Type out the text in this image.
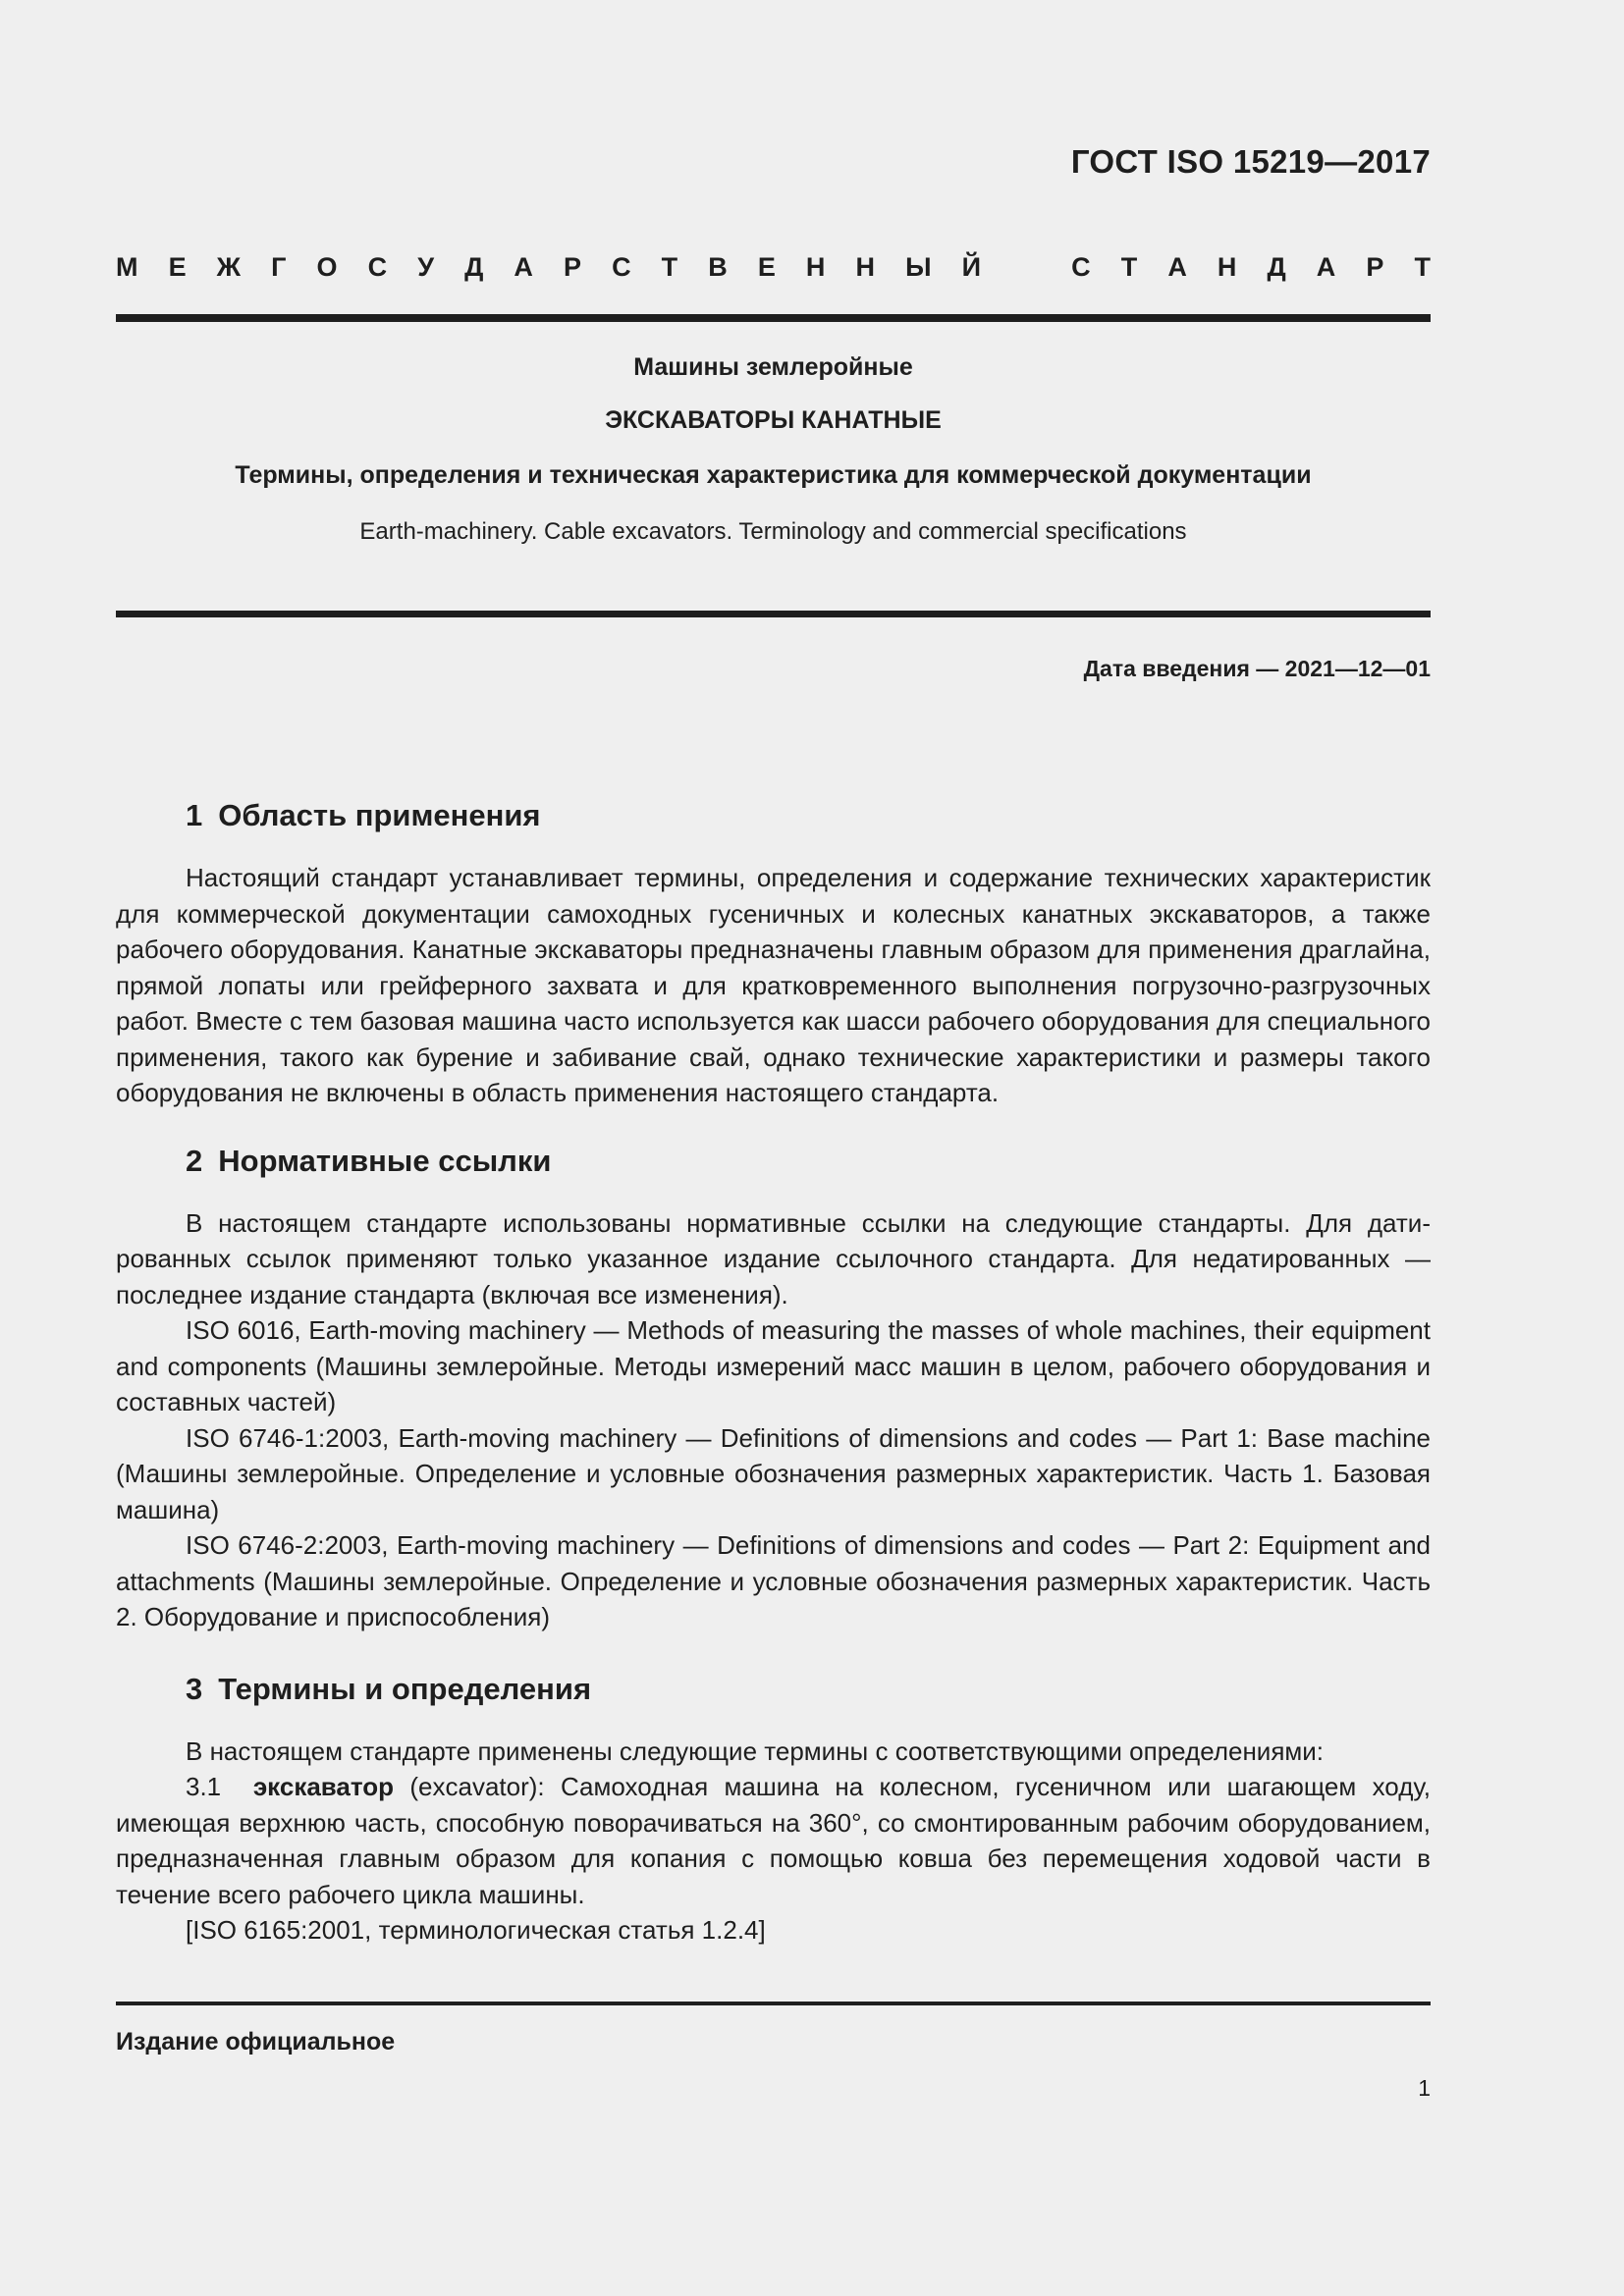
ГОСТ ISO 15219—2017
М Е Ж Г О С У Д А Р С Т В Е Н Н Ы Й	С Т А Н Д А Р Т

Машины землеройные

ЭКСКАВАТОРЫ КАНАТНЫЕ

Термины, определения и техническая характеристика для коммерческой документации

Earth-machinery. Cable excavators. Terminology and commercial specifications

Дата введения — 2021—12—01
1 Область применения

Настоящий стандарт устанавливает термины, определения и содержание технических характеристик для коммерческой документации самоходных гусеничных и колесных канатных экскаваторов, а также рабочего оборудования. Канатные экскаваторы предназначены главным образом для применения драглайна, прямой лопаты или грейферного захвата и для кратковременного выполнения погрузочно-разгрузочных работ. Вместе с тем базовая машина часто используется как шасси рабочего оборудования для специального применения, такого как бурение и забивание свай, однако технические характеристики и размеры такого оборудования не включены в область применения настоящего стандарта.

2 Нормативные ссылки

В настоящем стандарте использованы нормативные ссылки на следующие стандарты. Для датированных ссылок применяют только указанное издание ссылочного стандарта. Для недатированных — последнее издание стандарта (включая все изменения).

ISO 6016, Earth-moving machinery — Methods of measuring the masses of whole machines, their equipment and components (Машины землеройные. Методы измерений масс машин в целом, рабочего оборудования и составных частей)

ISO 6746-1:2003, Earth-moving machinery — Definitions of dimensions and codes — Part 1: Base machine (Машины землеройные. Определение и условные обозначения размерных характеристик. Часть 1. Базовая машина)

ISO 6746-2:2003, Earth-moving machinery — Definitions of dimensions and codes — Part 2: Equipment and attachments (Машины землеройные. Определение и условные обозначения размерных характеристик. Часть 2. Оборудование и приспособления)

3 Термины и определения

В настоящем стандарте применены следующие термины с соответствующими определениями:

3.1 экскаватор (excavator): Самоходная машина на колесном, гусеничном или шагающем ходу, имеющая верхнюю часть, способную поворачиваться на 360°, со смонтированным рабочим оборудованием, предназначенная главным образом для копания с помощью ковша без перемещения ходовой части в течение всего рабочего цикла машины.

[ISO 6165:2001, терминологическая статья 1.2.4]

Издание официальное
1
